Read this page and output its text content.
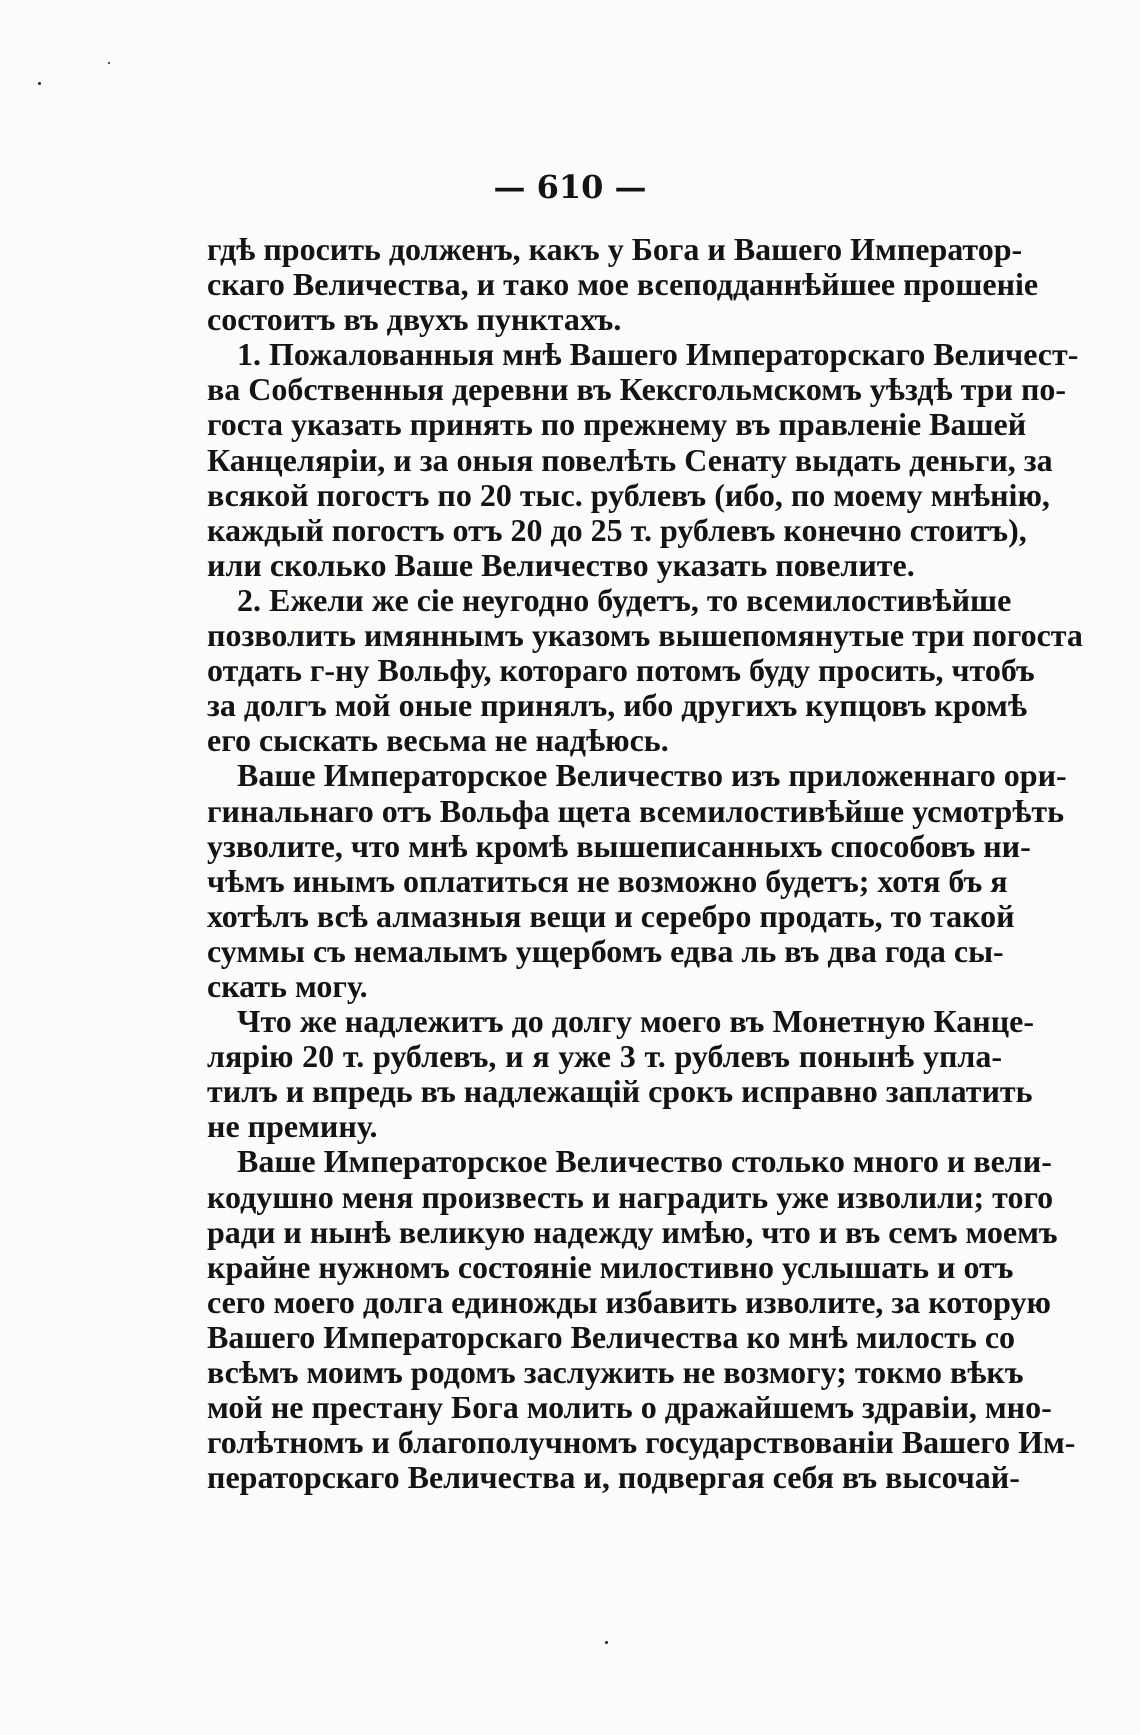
— 610 —

гдѣ просить долженъ, какъ у Бога и Вашего Император-
скаго Величества, и тако мое всеподданнѣйшее прошеніе
состоитъ въ двухъ пунктахъ.

1. Пожалованныя мнѣ Вашего Императорскаго Величест-
ва Собственныя деревни въ Кексгольмскомъ уѣздѣ три по-
госта указать принять по прежнему въ правленіе Вашей
Канцеляріи, и за оныя повелѣть Сенату выдать деньги, за
всякой погостъ по 20 тыс. рублевъ (ибо, по моему мнѣнію,
каждый погостъ отъ 20 до 25 т. рублевъ конечно стоитъ),
или сколько Ваше Величество указать повелите.

2. Ежели же сіе неугодно будетъ, то всемилостивѣйше
позволить имяннымъ указомъ вышепомянутые три погоста
отдать г-ну Вольфу, котораго потомъ буду просить, чтобъ
за долгъ мой оные принялъ, ибо другихъ купцовъ кромѣ
его сыскать весьма не надѣюсь.

Ваше Императорское Величество изъ приложеннаго ори-
гинальнаго отъ Вольфа щета всемилостивѣйше усмотрѣть
узволите, что мнѣ кромѣ вышеписанныхъ способовъ ни-
чѣмъ инымъ оплатиться не возможно будетъ; хотя бъ я
хотѣлъ всѣ алмазныя вещи и серебро продать, то такой
суммы съ немалымъ ущербомъ едва ль въ два года сы-
скать могу.

Что же надлежитъ до долгу моего въ Монетную Канце-
лярію 20 т. рублевъ, и я уже 3 т. рублевъ понынѣ упла-
тилъ и впредь въ надлежащій срокъ исправно заплатить
не премину.

Ваше Императорское Величество столько много и вели-
кодушно меня произвесть и наградить уже изволили; того
ради и нынѣ великую надежду имѣю, что и въ семъ моемъ
крайне нужномъ состояніе милостивно услышать и отъ
сего моего долга единожды избавить изволите, за которую
Вашего Императорскаго Величества ко мнѣ милость со
всѣмъ моимъ родомъ заслужить не возмогу; токмо вѣкъ
мой не престану Бога молить о дражайшемъ здравіи, мно-
голѣтномъ и благополучномъ государствованіи Вашего Им-
ператорскаго Величества и, подвергая себя въ высочай-
